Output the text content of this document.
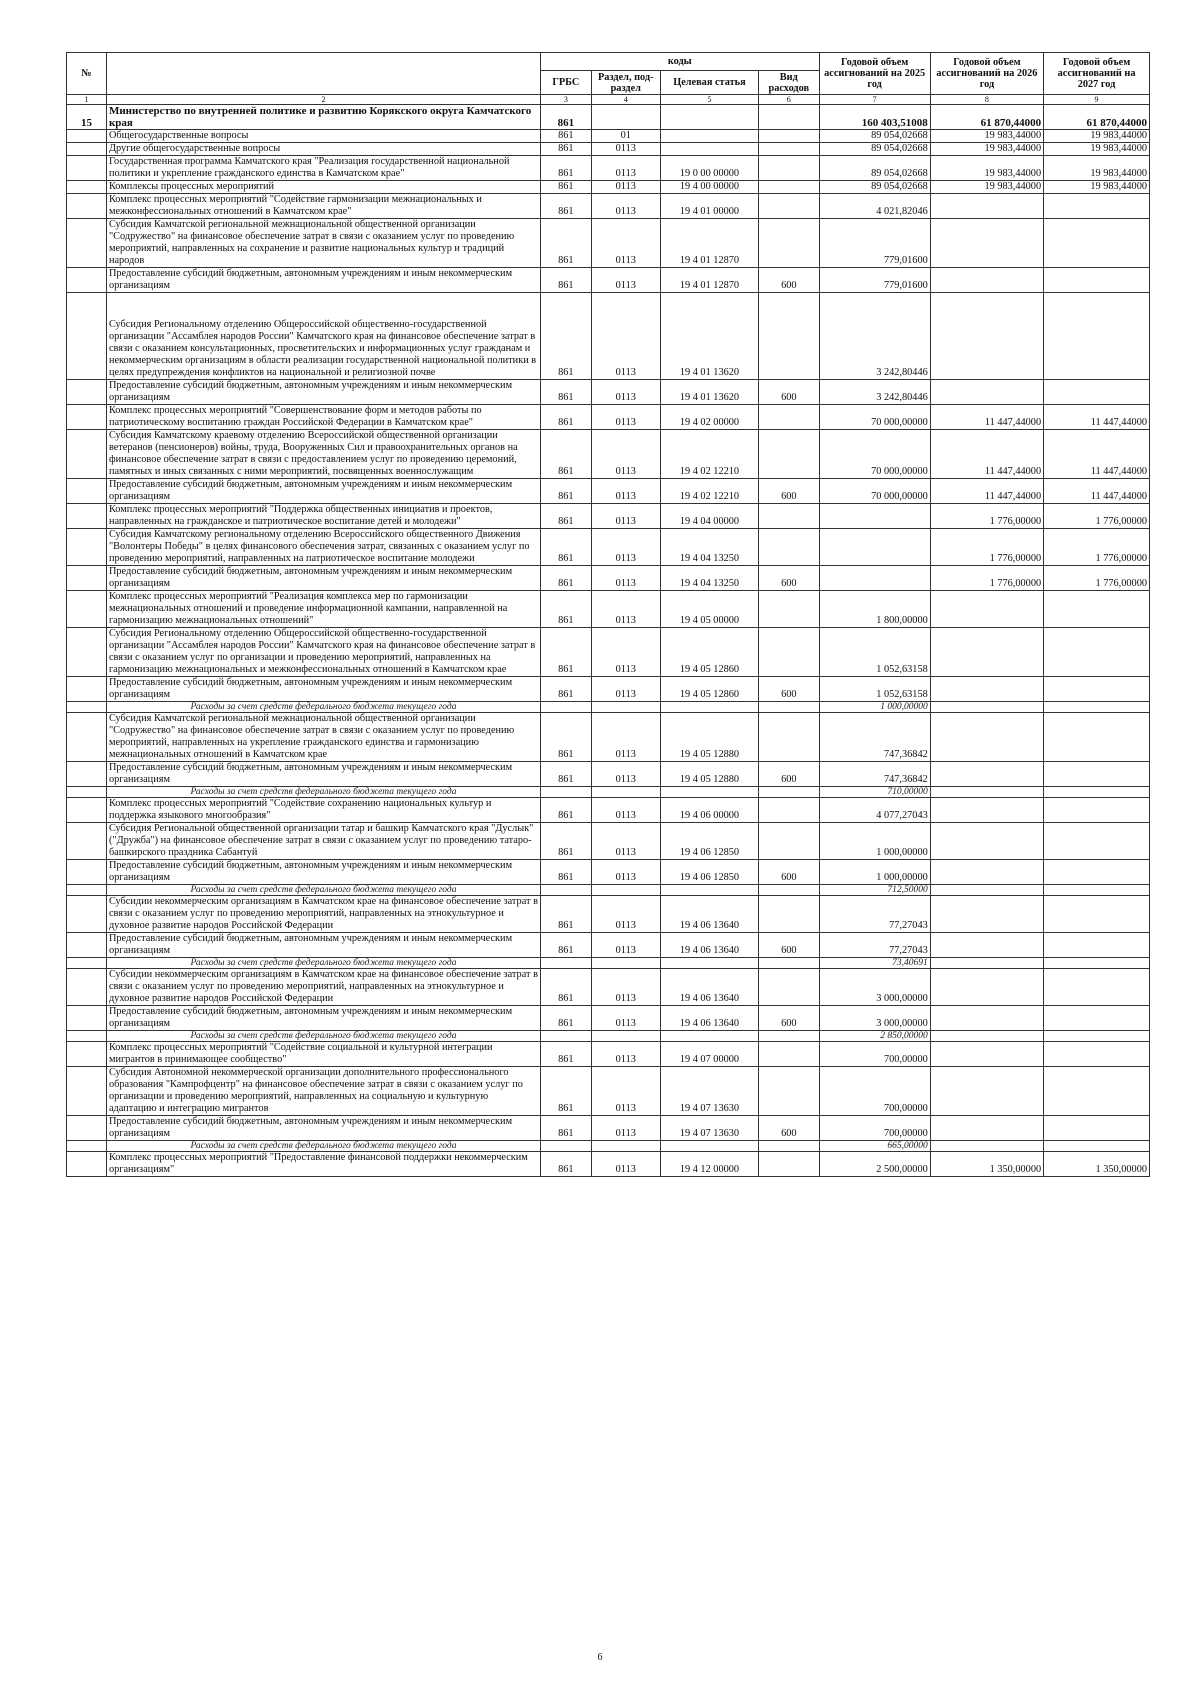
№		коды				Годовой объем ассигнований на 2025 год	Годовой объем ассигнований на 2026 год	Годовой объем ассигнований на 2027 год
		ГРБС	Раздел, под-раздел	Целевая статья	Вид расходов			
1	2	3	4	5	6	7	8	9
15	Министерство по внутренней политике и развитию Корякского округа Камчатского края	861				160 403,51008	61 870,44000	61 870,44000
	Общегосударственные вопросы	861	01			89 054,02668	19 983,44000	19 983,44000
	Другие общегосударственные вопросы	861	0113			89 054,02668	19 983,44000	19 983,44000
	Государственная программа Камчатского края "Реализация государственной национальной политики и укрепление гражданского единства в Камчатском крае"	861	0113	19 0 00 00000		89 054,02668	19 983,44000	19 983,44000
	Комплексы процессных мероприятий	861	0113	19 4 00 00000		89 054,02668	19 983,44000	19 983,44000
	Комплекс процессных мероприятий "Содействие гармонизации межнациональных и межконфессиональных отношений в Камчатском крае"	861	0113	19 4 01 00000		4 021,82046		
	Субсидия Камчатской региональной межнациональной общественной организации "Содружество" на финансовое обеспечение затрат в связи с оказанием услуг по проведению мероприятий, направленных на сохранение и развитие национальных культур и традиций народов	861	0113	19 4 01 12870		779,01600		
	Предоставление субсидий бюджетным, автономным учреждениям и иным некоммерческим организациям	861	0113	19 4 01 12870	600	779,01600		
	Субсидия Региональному отделению Общероссийской общественно-государственной организации "Ассамблея народов России" Камчатского края на финансовое обеспечение затрат в связи с оказанием консультационных, просветительских и информационных услуг гражданам и некоммерческим организациям в области реализации государственной национальной политики в целях предупреждения конфликтов на национальной и религиозной почве	861	0113	19 4 01 13620		3 242,80446		
	Предоставление субсидий бюджетным, автономным учреждениям и иным некоммерческим организациям	861	0113	19 4 01 13620	600	3 242,80446		
	Комплекс процессных мероприятий "Совершенствование форм и методов работы по патриотическому воспитанию граждан Российской Федерации в Камчатском крае"	861	0113	19 4 02 00000		70 000,00000	11 447,44000	11 447,44000
	Субсидия Камчатскому краевому отделению Всероссийской общественной организации ветеранов (пенсионеров) войны, труда, Вооруженных Сил и правоохранительных органов на финансовое обеспечение затрат в связи с предоставлением услуг по проведению церемоний, памятных и иных связанных с ними мероприятий, посвященных военнослужащим	861	0113	19 4 02 12210		70 000,00000	11 447,44000	11 447,44000
	Предоставление субсидий бюджетным, автономным учреждениям и иным некоммерческим организациям	861	0113	19 4 02 12210	600	70 000,00000	11 447,44000	11 447,44000
	Комплекс процессных мероприятий "Поддержка общественных инициатив и проектов, направленных на гражданское и патриотическое воспитание детей и молодежи"	861	0113	19 4 04 00000			1 776,00000	1 776,00000
	Субсидия Камчатскому региональному отделению Всероссийского общественного Движения "Волонтеры Победы" в целях финансового обеспечения затрат, связанных с оказанием услуг по проведению мероприятий, направленных на патриотическое воспитание молодежи	861	0113	19 4 04 13250			1 776,00000	1 776,00000
	Предоставление субсидий бюджетным, автономным учреждениям и иным некоммерческим организациям	861	0113	19 4 04 13250	600		1 776,00000	1 776,00000
	Комплекс процессных мероприятий "Реализация комплекса мер по гармонизации межнациональных отношений и проведение информационной кампании, направленной на гармонизацию межнациональных отношений"	861	0113	19 4 05 00000		1 800,00000		
	Субсидия Региональному отделению Общероссийской общественно-государственной организации "Ассамблея народов России" Камчатского края на финансовое обеспечение затрат в связи с оказанием услуг по организации и проведению мероприятий, направленных на гармонизацию межнациональных и межконфессиональных отношений в Камчатском крае	861	0113	19 4 05 12860		1 052,63158		
	Предоставление субсидий бюджетным, автономным учреждениям и иным некоммерческим организациям	861	0113	19 4 05 12860	600	1 052,63158		
	Расходы за счет средств федерального бюджета текущего года					1 000,00000		
	Субсидия Камчатской региональной межнациональной общественной организации "Содружество" на финансовое обеспечение затрат в связи с оказанием услуг по проведению мероприятий, направленных на укрепление гражданского единства и гармонизацию межнациональных отношений в Камчатском крае	861	0113	19 4 05 12880		747,36842		
	Предоставление субсидий бюджетным, автономным учреждениям и иным некоммерческим организациям	861	0113	19 4 05 12880	600	747,36842		
	Расходы за счет средств федерального бюджета текущего года					710,00000		
	Комплекс процессных мероприятий "Содействие сохранению национальных культур и поддержка языкового многообразия"	861	0113	19 4 06 00000		4 077,27043		
	Субсидия Региональной общественной организации татар и башкир Камчатского края "Дуслык" ("Дружба") на финансовое обеспечение затрат в связи с оказанием услуг по проведению татаро-башкирского праздника Сабантуй	861	0113	19 4 06 12850		1 000,00000		
	Предоставление субсидий бюджетным, автономным учреждениям и иным некоммерческим организациям	861	0113	19 4 06 12850	600	1 000,00000		
	Расходы за счет средств федерального бюджета текущего года					712,50000		
	Субсидии некоммерческим организациям в Камчатском крае на финансовое обеспечение затрат в связи с оказанием услуг по проведению мероприятий, направленных на этнокультурное и духовное развитие народов Российской Федерации	861	0113	19 4 06 13640		77,27043		
	Предоставление субсидий бюджетным, автономным учреждениям и иным некоммерческим организациям	861	0113	19 4 06 13640	600	77,27043		
	Расходы за счет средств федерального бюджета текущего года					73,40691		
	Субсидии некоммерческим организациям в Камчатском крае на финансовое обеспечение затрат в связи с оказанием услуг по проведению мероприятий, направленных на этнокультурное и духовное развитие народов Российской Федерации	861	0113	19 4 06 13640		3 000,00000		
	Предоставление субсидий бюджетным, автономным учреждениям и иным некоммерческим организациям	861	0113	19 4 06 13640	600	3 000,00000		
	Расходы за счет средств федерального бюджета текущего года					2 850,00000		
	Комплекс процессных мероприятий "Содействие социальной и культурной интеграции мигрантов в принимающее сообщество"	861	0113	19 4 07 00000		700,00000		
	Субсидия Автономной некоммерческой организации дополнительного профессионального образования "Кампрофцентр" на финансовое обеспечение затрат в связи с оказанием услуг по организации и проведению мероприятий, направленных на социальную и культурную адаптацию и интеграцию мигрантов	861	0113	19 4 07 13630		700,00000		
	Предоставление субсидий бюджетным, автономным учреждениям и иным некоммерческим организациям	861	0113	19 4 07 13630	600	700,00000		
	Расходы за счет средств федерального бюджета текущего года					665,00000		
	Комплекс процессных мероприятий "Предоставление финансовой поддержки некоммерческим организациям"	861	0113	19 4 12 00000		2 500,00000	1 350,00000	1 350,00000
6
